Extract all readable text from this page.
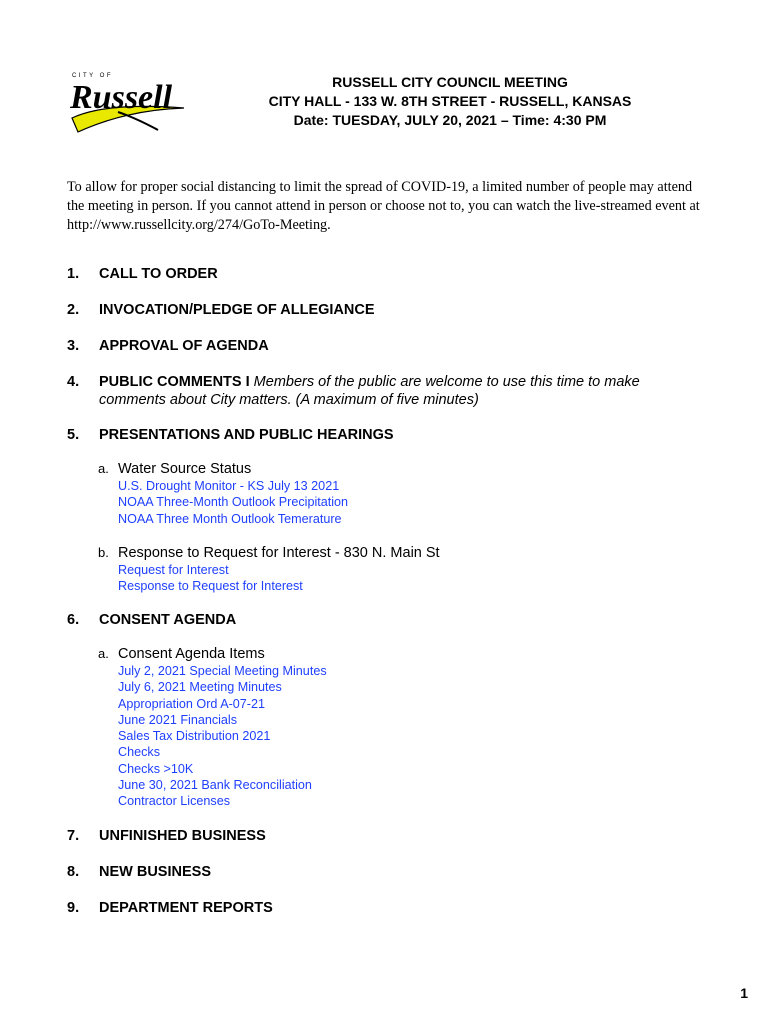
CITY OF
Russell	RUSSELL CITY COUNCIL MEETING
CITY HALL - 133 W. 8TH STREET - RUSSELL, KANSAS
Date: TUESDAY, JULY 20, 2021 – Time: 4:30 PM
To allow for proper social distancing to limit the spread of COVID-19, a limited number of people may attend the meeting in person. If you cannot attend in person or choose not to, you can watch the live-streamed event at http://www.russellcity.org/274/GoTo-Meeting.
1.	CALL TO ORDER
2.	INVOCATION/PLEDGE OF ALLEGIANCE
3.	APPROVAL OF AGENDA
4.	PUBLIC COMMENTS I Members of the public are welcome to use this time to make comments about City matters. (A maximum of five minutes)
5.	PRESENTATIONS AND PUBLIC HEARINGS
a. Water Source Status
U.S. Drought Monitor - KS July 13 2021
NOAA Three-Month Outlook Precipitation
NOAA Three Month Outlook Temerature
b. Response to Request for Interest - 830 N. Main St
Request for Interest
Response to Request for Interest
6.	CONSENT AGENDA
a. Consent Agenda Items
July 2, 2021 Special Meeting Minutes
July 6, 2021 Meeting Minutes
Appropriation Ord A-07-21
June 2021 Financials
Sales Tax Distribution 2021
Checks
Checks >10K
June 30, 2021 Bank Reconciliation
Contractor Licenses
7.	UNFINISHED BUSINESS
8.	NEW BUSINESS
9.	DEPARTMENT REPORTS
1
